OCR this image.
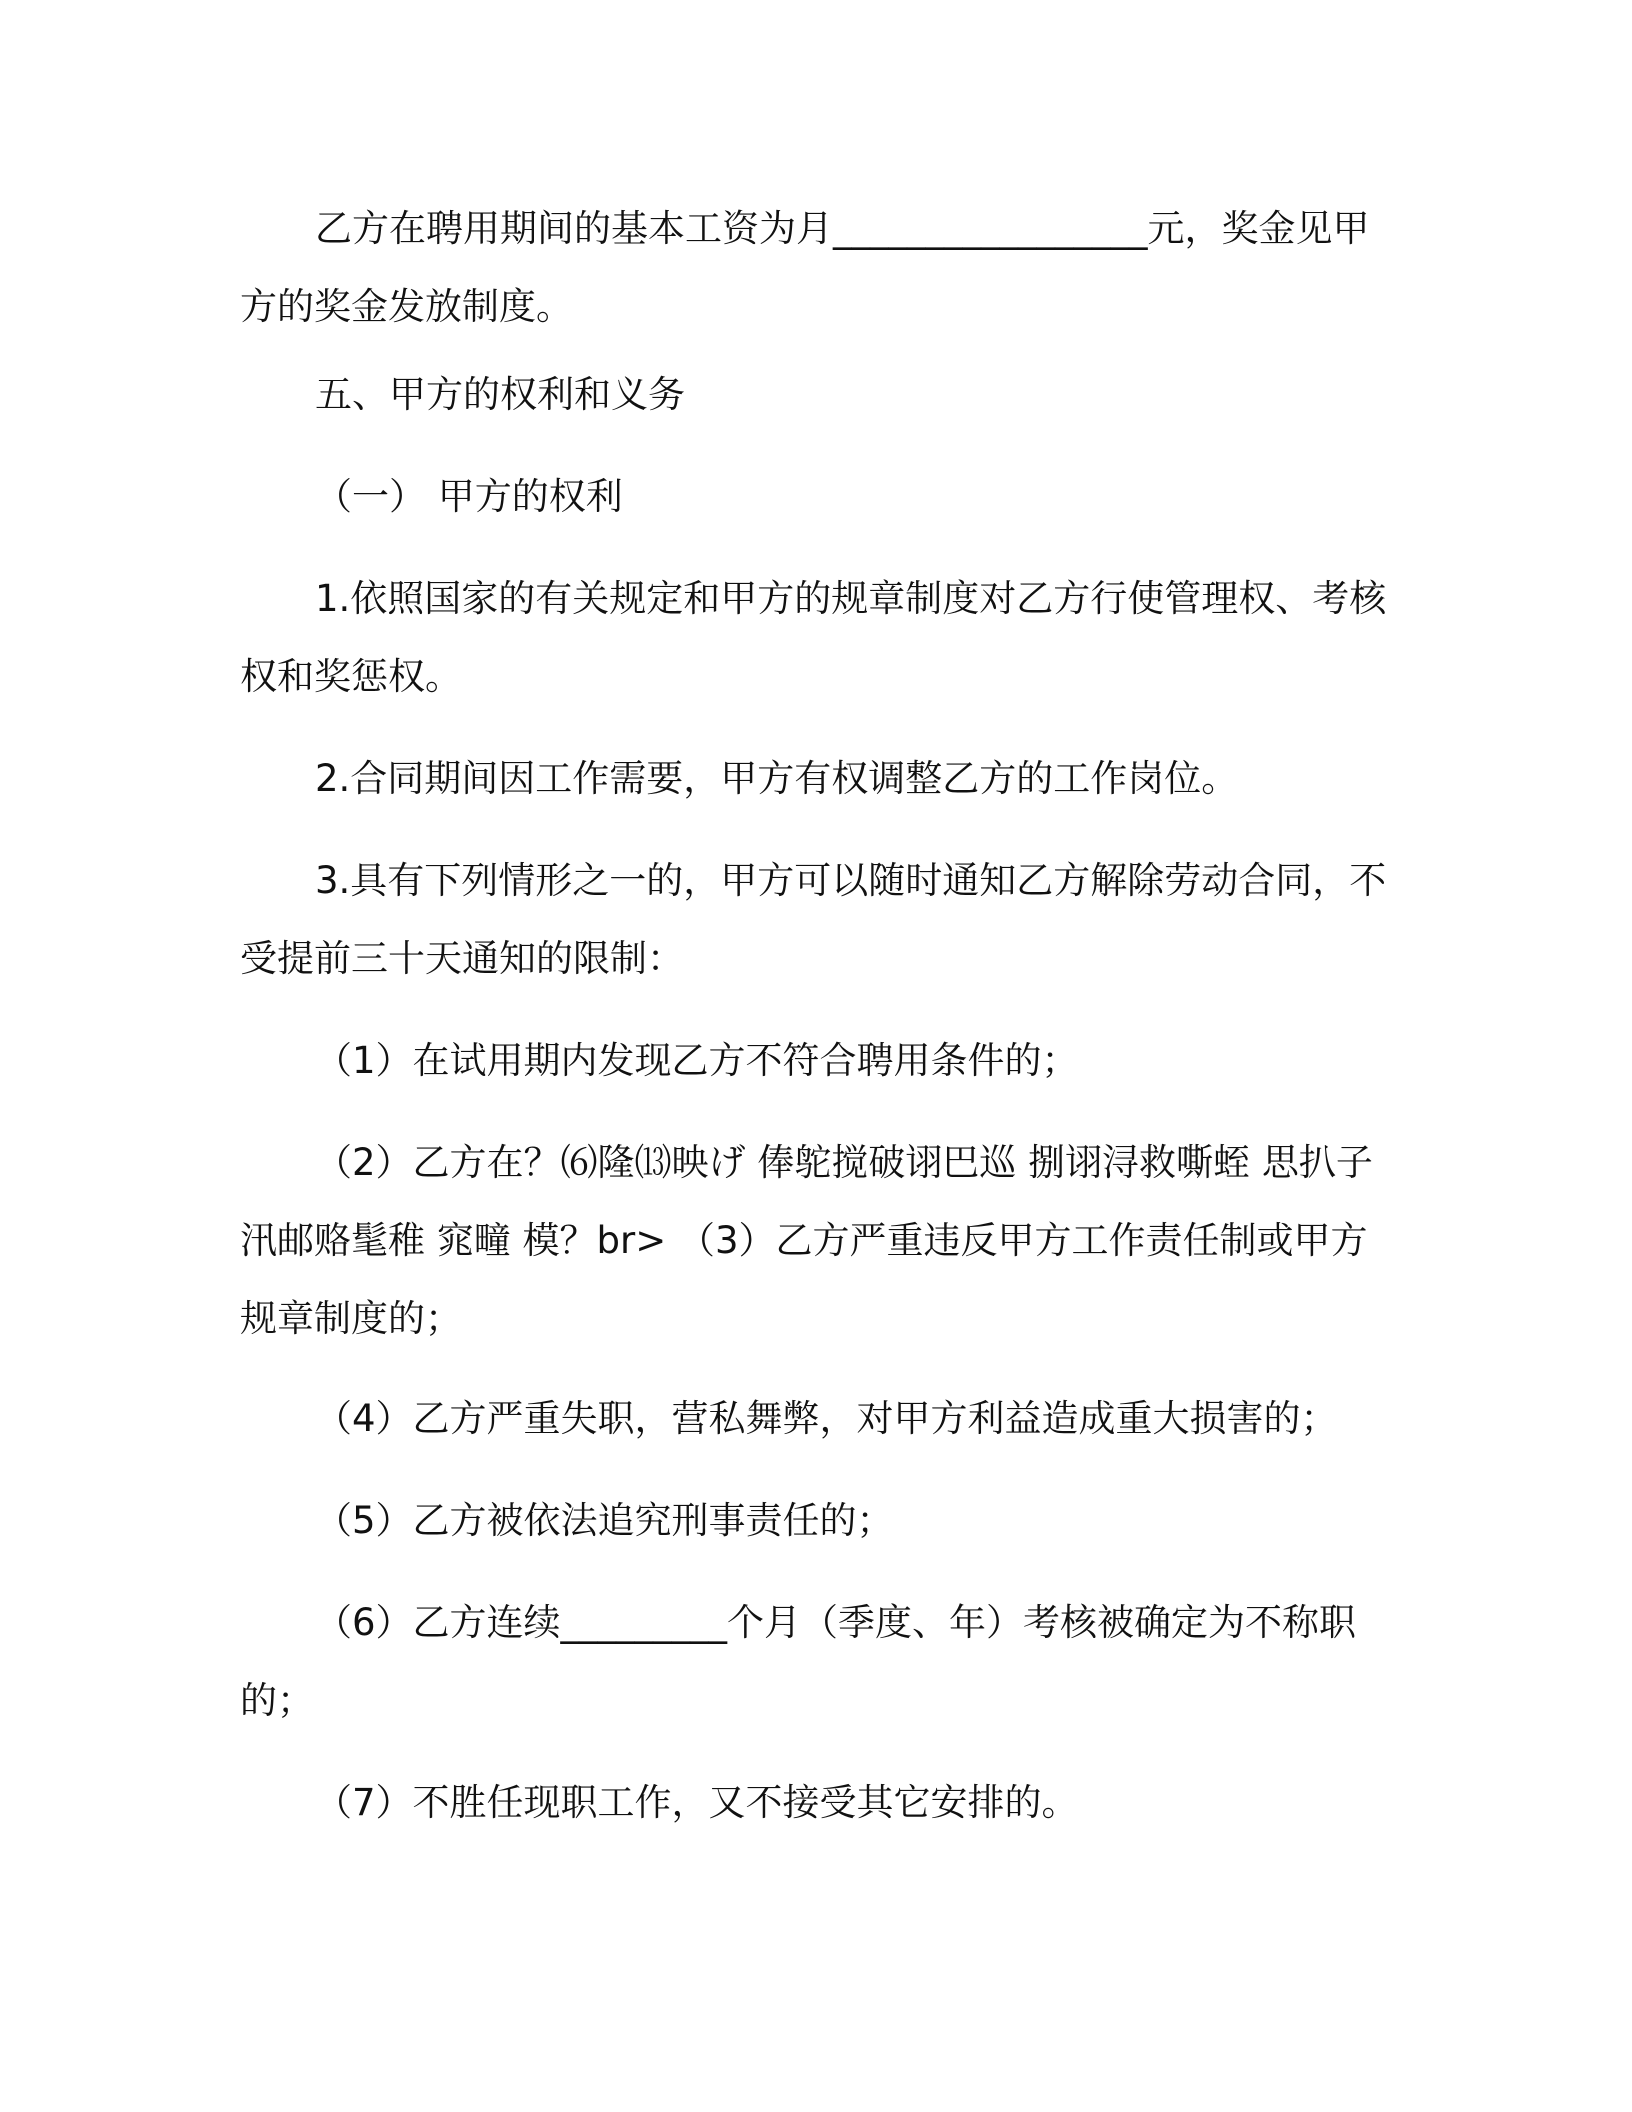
乙方在聘用期间的基本工资为月_________________元，奖金见甲方的奖金发放制度。

五、甲方的权利和义务

（一） 甲方的权利

1.依照国家的有关规定和甲方的规章制度对乙方行使管理权、考核权和奖惩权。

2.合同期间因工作需要，甲方有权调整乙方的工作岗位。

3.具有下列情形之一的，甲方可以随时通知乙方解除劳动合同，不受提前三十天通知的限制：

（1）在试用期内发现乙方不符合聘用条件的；

（2）乙方在？⑹隆⒀映げ 俸鸵搅破诩巴巡 捌诩浔救嘶蛭 思扒子汛邮赂髦稚 窕疃 模？br> （3）乙方严重违反甲方工作责任制或甲方规章制度的；

（4）乙方严重失职，营私舞弊，对甲方利益造成重大损害的；

（5）乙方被依法追究刑事责任的；

（6）乙方连续_________个月（季度、年）考核被确定为不称职的；

（7）不胜任现职工作，又不接受其它安排的。
